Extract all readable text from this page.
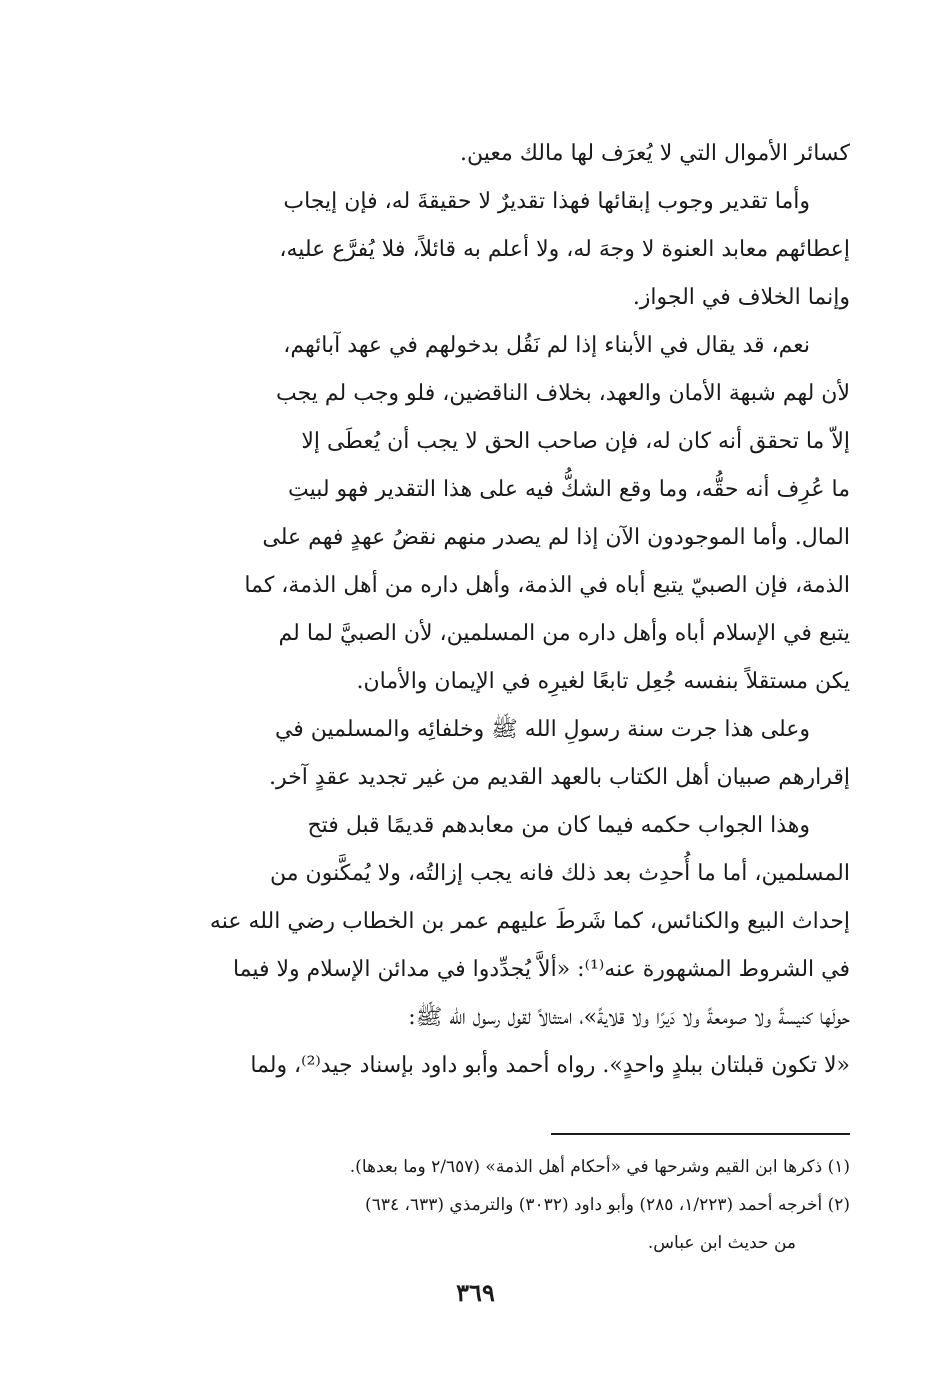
كسائر الأموال التي لا يُعرَف لها مالك معين.
وأما تقدير وجوب إبقائها فهذا تقديرٌ لا حقيقةَ له، فإن إيجاب
إعطائهم معابد العنوة لا وجهَ له، ولا أعلم به قائلاً، فلا يُفرَّع عليه،
وإنما الخلاف في الجواز.
نعم، قد يقال في الأبناء إذا لم نَقُل بدخولهم في عهد آبائهم،
لأن لهم شبهة الأمان والعهد، بخلاف الناقضين، فلو وجب لم يجب
إلاّ ما تحقق أنه كان له، فإن صاحب الحق لا يجب أن يُعطَى إلا
ما عُرِف أنه حقُّه، وما وقع الشكُّ فيه على هذا التقدير فهو لبيتِ
المال. وأما الموجودون الآن إذا لم يصدر منهم نقضُ عهدٍ فهم على
الذمة، فإن الصبيّ يتبع أباه في الذمة، وأهل داره من أهل الذمة، كما
يتبع في الإسلام أباه وأهل داره من المسلمين، لأن الصبيَّ لما لم
يكن مستقلاً بنفسه جُعِل تابعًا لغيرِه في الإيمان والأمان.
وعلى هذا جرت سنة رسولِ الله ﷺ وخلفائِه والمسلمين في
إقرارهم صبيان أهل الكتاب بالعهد القديم من غير تجديد عقدٍ آخر.
وهذا الجواب حكمه فيما كان من معابدهم قديمًا قبل فتح
المسلمين، أما ما أُحدِث بعد ذلك فانه يجب إزالتُه، ولا يُمكَّنون من
إحداث البيع والكنائس، كما شَرطَ عليهم عمر بن الخطاب رضي الله عنه
في الشروط المشهورة عنه⁽¹⁾: «ألاَّ يُجدِّدوا في مدائن الإسلام ولا فيما
حولَها كنيسةً ولا صومعةً ولا دَيرًا ولا قلايةً»، امتثالاً لقول رسول الله ﷺ:
«لا تكون قبلتان ببلدٍ واحدٍ». رواه أحمد وأبو داود بإسناد جيد⁽²⁾، ولما
(١) ذكرها ابن القيم وشرحها في «أحكام أهل الذمة» (٢/٦٥٧ وما بعدها).
(٢) أخرجه أحمد (١/٢٢٣، ٢٨٥) وأبو داود (٣٠٣٢) والترمذي (٦٣٣، ٦٣٤)
من حديث ابن عباس.
٣٦٩
